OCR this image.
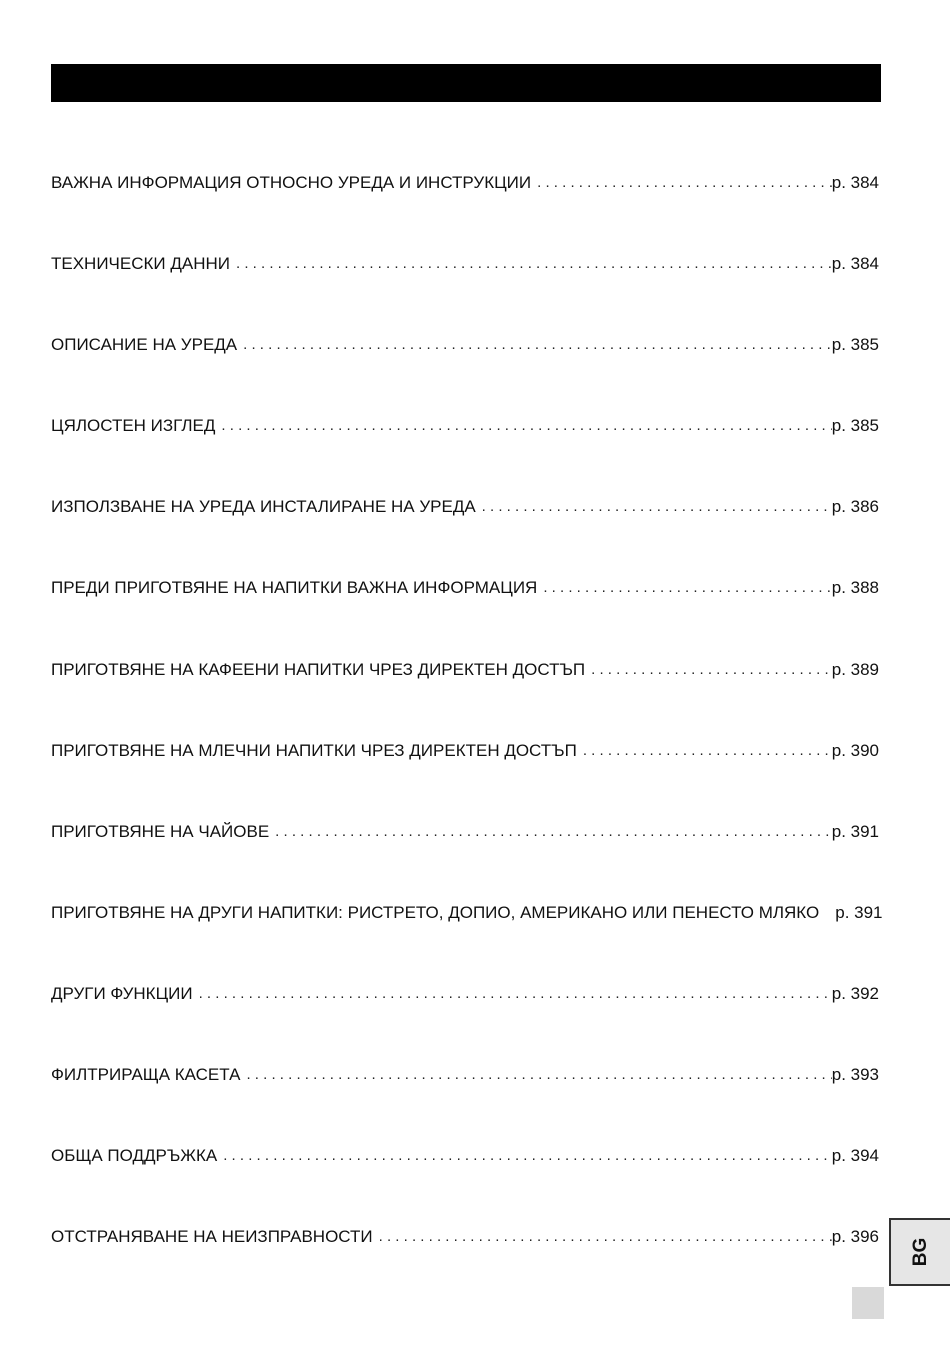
ВАЖНА ИНФОРМАЦИЯ ОТНОСНО УРЕДА И ИНСТРУКЦИИ . . .	p. 384
ТЕХНИЧЕСКИ ДАННИ . . .	p. 384
ОПИСАНИЕ НА УРЕДА . . .	p. 385
ЦЯЛОСТЕН ИЗГЛЕД . . .	p. 385
ИЗПОЛЗВАНЕ НА УРЕДА ИНСТАЛИРАНЕ НА УРЕДА . . .	p. 386
ПРЕДИ ПРИГОТВЯНЕ НА НАПИТКИ ВАЖНА ИНФОРМАЦИЯ . . .	p. 388
ПРИГОТВЯНЕ НА КАФЕЕНИ НАПИТКИ ЧРЕЗ ДИРЕКТЕН ДОСТЪП . . .	p. 389
ПРИГОТВЯНЕ НА МЛЕЧНИ НАПИТКИ ЧРЕЗ ДИРЕКТЕН ДОСТЪП . . .	p. 390
ПРИГОТВЯНЕ НА ЧАЙОВЕ . . .	p. 391
ПРИГОТВЯНЕ НА ДРУГИ НАПИТКИ: РИСТРЕТО, ДОПИО, АМЕРИКАНО ИЛИ ПЕНЕСТО МЛЯКО p. 391
ДРУГИ ФУНКЦИИ . . .	p. 392
ФИЛТРИРАЩА КАСЕТА . . .	p. 393
ОБЩА ПОДДРЪЖКА . . .	p. 394
ОТСТРАНЯВАНЕ НА НЕИЗПРАВНОСТИ . . .	p. 396
BG
